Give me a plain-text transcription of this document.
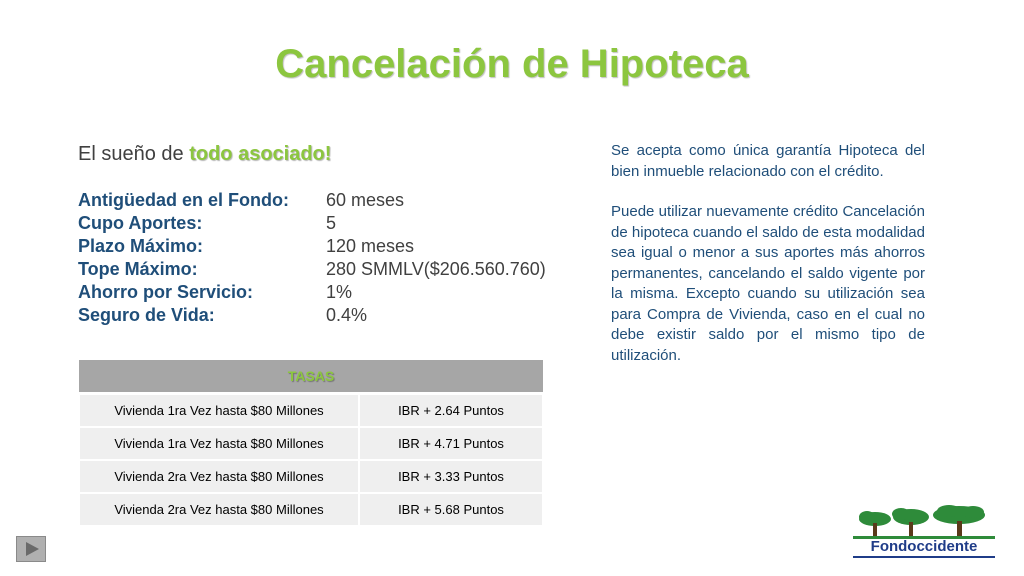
Cancelación de Hipoteca
El sueño de todo asociado!
Antigüedad en el Fondo:	60 meses
Cupo Aportes:	5
Plazo Máximo:	120 meses
Tope Máximo:	280 SMMLV($206.560.760)
Ahorro por Servicio:	1%
Seguro de Vida:	0.4%
TASAS	
Vivienda 1ra Vez hasta $80 Millones	IBR + 2.64 Puntos
Vivienda 1ra Vez hasta $80 Millones	IBR + 4.71 Puntos
Vivienda 2ra Vez hasta $80 Millones	IBR + 3.33 Puntos
Vivienda 2ra Vez hasta $80 Millones	IBR + 5.68 Puntos

Se acepta como única garantía Hipoteca del bien inmueble relacionado con el crédito.

Puede utilizar nuevamente crédito Cancelación de hipoteca cuando el saldo de esta modalidad sea igual o menor a sus aportes más ahorros permanentes, cancelando el saldo vigente por la misma. Excepto cuando su utilización sea para Compra de Vivienda, caso en el cual no debe existir saldo por el mismo tipo de utilización.

Fondoccidente
